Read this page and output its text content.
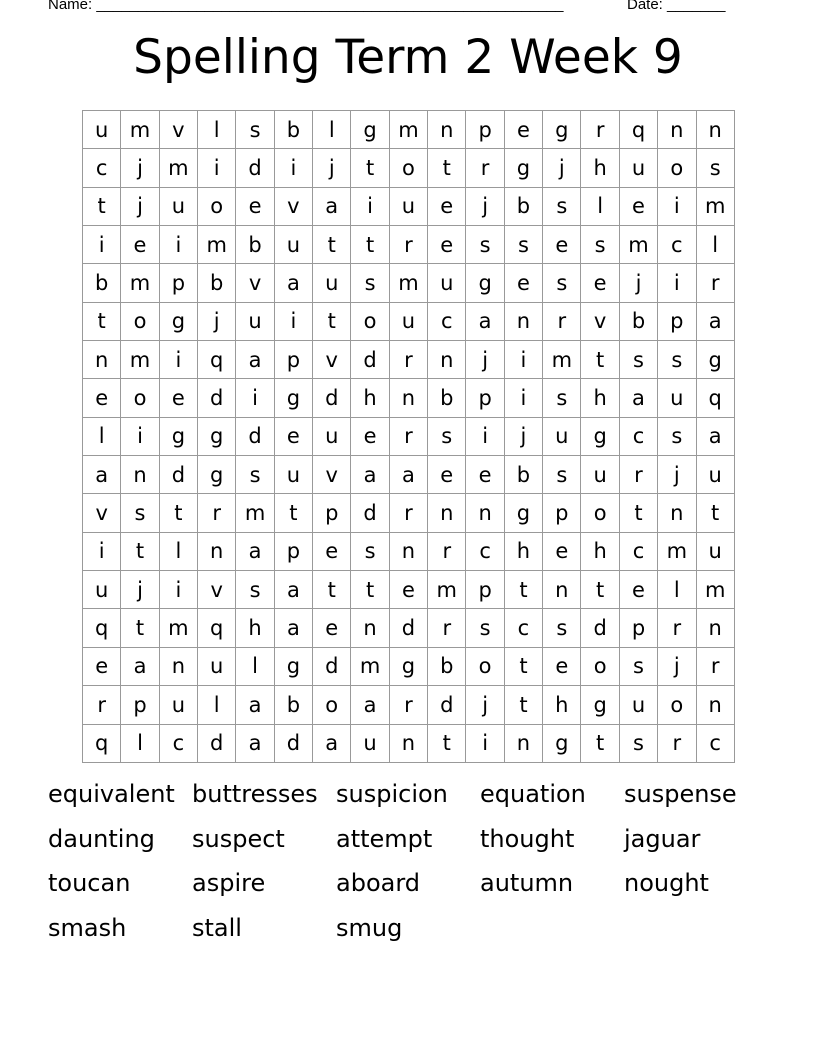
Name: ________________________________________________________	Date: _______
Spelling Term 2 Week 9
u	m	v	l	s	b	l	g	m	n	p	e	g	r	q	n	n
c	j	m	i	d	i	j	t	o	t	r	g	j	h	u	o	s
t	j	u	o	e	v	a	i	u	e	j	b	s	l	e	i	m
i	e	i	m	b	u	t	t	r	e	s	s	e	s	m	c	l
b	m	p	b	v	a	u	s	m	u	g	e	s	e	j	i	r
t	o	g	j	u	i	t	o	u	c	a	n	r	v	b	p	a
n	m	i	q	a	p	v	d	r	n	j	i	m	t	s	s	g
e	o	e	d	i	g	d	h	n	b	p	i	s	h	a	u	q
l	i	g	g	d	e	u	e	r	s	i	j	u	g	c	s	a
a	n	d	g	s	u	v	a	a	e	e	b	s	u	r	j	u
v	s	t	r	m	t	p	d	r	n	n	g	p	o	t	n	t
i	t	l	n	a	p	e	s	n	r	c	h	e	h	c	m	u
u	j	i	v	s	a	t	t	e	m	p	t	n	t	e	l	m
q	t	m	q	h	a	e	n	d	r	s	c	s	d	p	r	n
e	a	n	u	l	g	d	m	g	b	o	t	e	o	s	j	r
r	p	u	l	a	b	o	a	r	d	j	t	h	g	u	o	n
q	l	c	d	a	d	a	u	n	t	i	n	g	t	s	r	c
equivalent buttresses suspicion	equation	suspense
daunting	suspect	attempt	thought	jaguar
toucan	aspire	aboard	autumn	nought
smash	stall	smug
